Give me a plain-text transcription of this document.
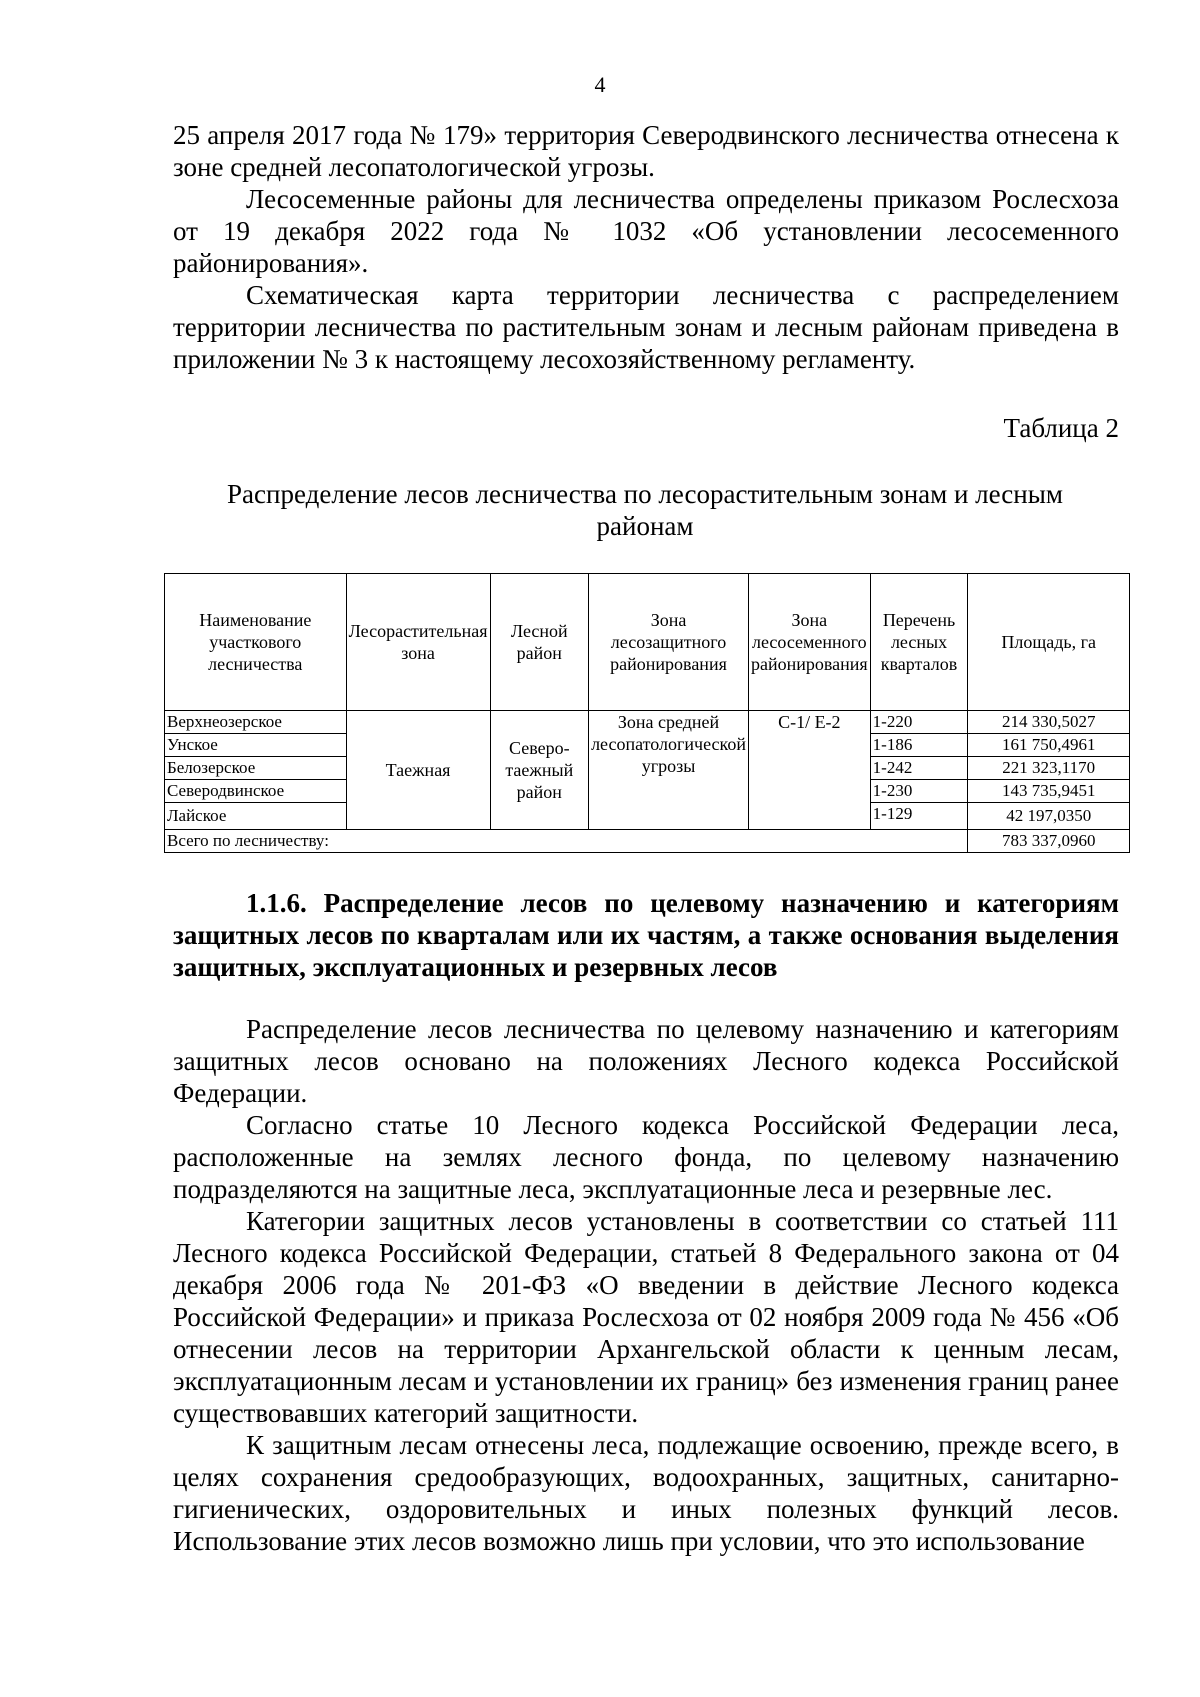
4

25 апреля 2017 года № 179» территория Северодвинского лесничества отнесена к зоне средней лесопатологической угрозы.

Лесосеменные районы для лесничества определены приказом Рослесхоза от 19 декабря 2022 года № 1032 «Об установлении лесосеменного районирования».

Схематическая карта территории лесничества с распределением территории лесничества по растительным зонам и лесным районам приведена в приложении № 3 к настоящему лесохозяйственному регламенту.

Таблица 2
Распределение лесов лесничества по лесорастительным зонам и лесным районам
Наименование участкового лесничества	Лесорастительная зона	Лесной район	Зона лесозащитного районирования	Зона лесосеменного районирования	Перечень лесных кварталов	Площадь, га
Верхнеозерское	Таежная	Северо-таежный район	Зона средней лесопатологической угрозы	С-1/ Е-2	1-220	214 330,5027
Унское					1-186	161 750,4961
Белозерское					1-242	221 323,1170
Северодвинское					1-230	143 735,9451
Лайское					1-129	42 197,0350
Всего по лесничеству:						783 337,0960

1.1.6. Распределение лесов по целевому назначению и категориям защитных лесов по кварталам или их частям, а также основания выделения защитных, эксплуатационных и резервных лесов

Распределение лесов лесничества по целевому назначению и категориям защитных лесов основано на положениях Лесного кодекса Российской Федерации.

Согласно статье 10 Лесного кодекса Российской Федерации леса, расположенные на землях лесного фонда, по целевому назначению подразделяются на защитные леса, эксплуатационные леса и резервные лес.

Категории защитных лесов установлены в соответствии со статьей 111 Лесного кодекса Российской Федерации, статьей 8 Федерального закона от 04 декабря 2006 года № 201-ФЗ «О введении в действие Лесного кодекса Российской Федерации» и приказа Рослесхоза от 02 ноября 2009 года № 456 «Об отнесении лесов на территории Архангельской области к ценным лесам, эксплуатационным лесам и установлении их границ» без изменения границ ранее существовавших категорий защитности.

К защитным лесам отнесены леса, подлежащие освоению, прежде всего, в целях сохранения средообразующих, водоохранных, защитных, санитарно-гигиенических, оздоровительных и иных полезных функций лесов. Использование этих лесов возможно лишь при условии, что это использование
